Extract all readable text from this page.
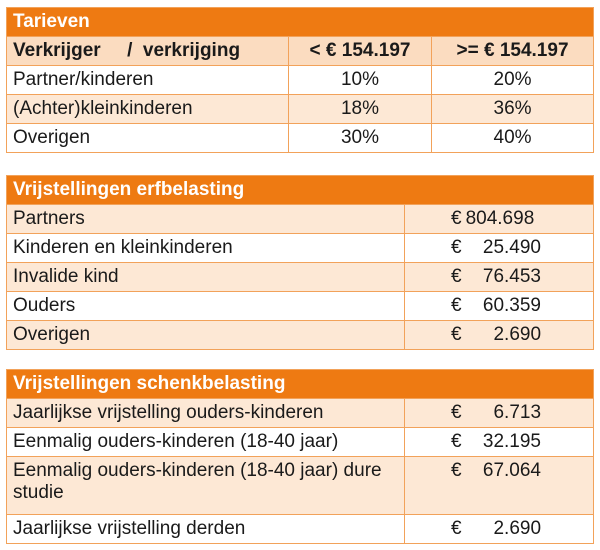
Tarieven		
Verkrijger     /  verkrijging	< € 154.197	>= € 154.197
Partner/kinderen	10%	20%
(Achter)kleinkinderen	18%	36%
Overigen	30%	40%
Vrijstellingen erfbelasting	
Partners	€ 804.698

Kinderen en kleinkinderen	€ 25.490

Invalide kind	€ 76.453

Ouders	€ 60.359

Overigen	€ 2.690
Vrijstellingen schenkbelasting	
Jaarlijkse vrijstelling ouders-kinderen	€ 6.713

Eenmalig ouders-kinderen (18-40 jaar)	€ 32.195

Eenmalig ouders-kinderen (18-40 jaar) dure studie	€ 67.064

Jaarlijkse vrijstelling derden	€ 2.690
